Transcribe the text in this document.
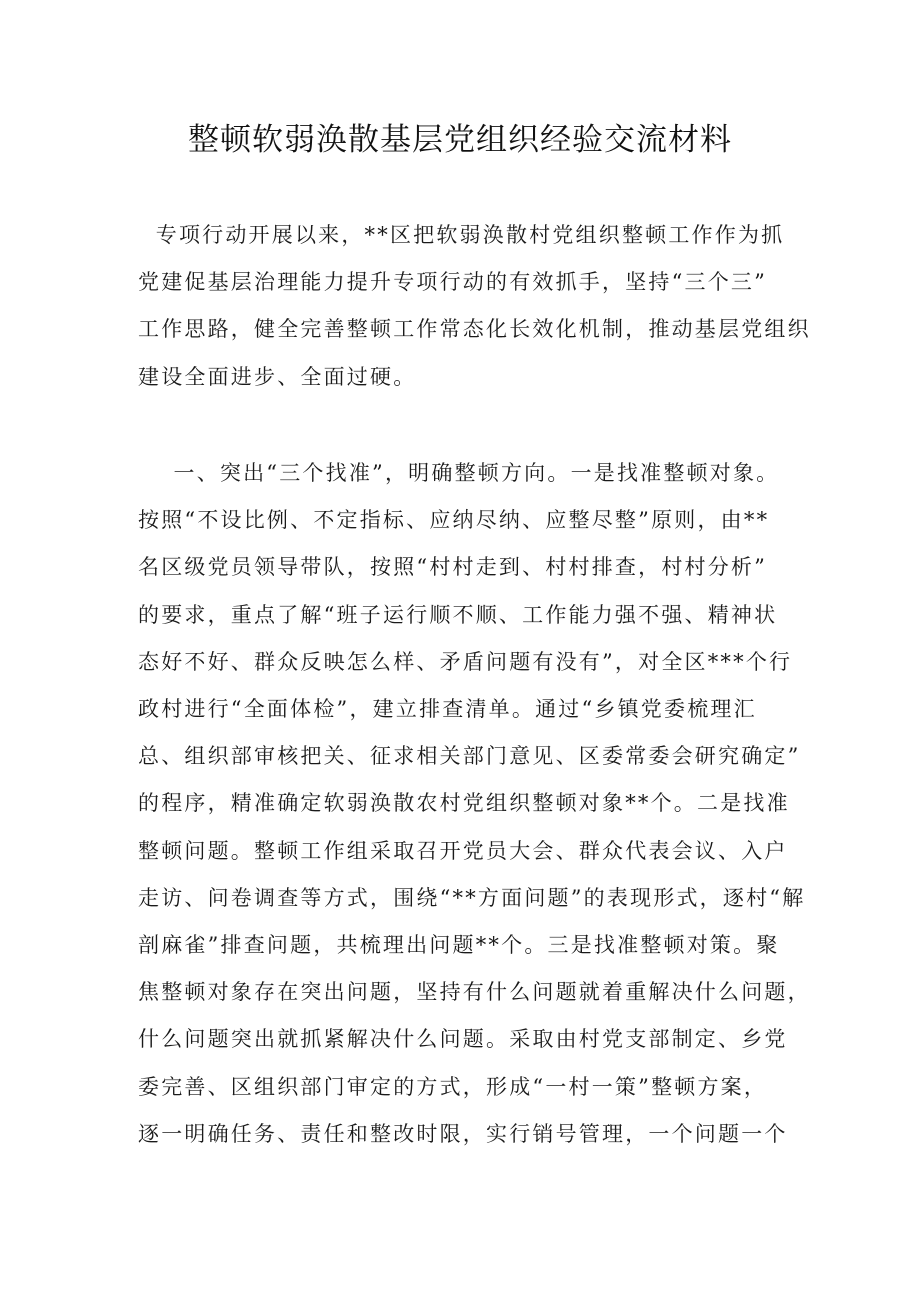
整顿软弱涣散基层党组织经验交流材料

专项行动开展以来，**区把软弱涣散村党组织整顿工作作为抓
党建促基层治理能力提升专项行动的有效抓手，坚持“三个三”
工作思路，健全完善整顿工作常态化长效化机制，推动基层党组织
建设全面进步、全面过硬。

一、突出“三个找准”，明确整顿方向。一是找准整顿对象。
按照“不设比例、不定指标、应纳尽纳、应整尽整”原则，由**
名区级党员领导带队，按照“村村走到、村村排查，村村分析”
的要求，重点了解“班子运行顺不顺、工作能力强不强、精神状
态好不好、群众反映怎么样、矛盾问题有没有”，对全区***个行
政村进行“全面体检”，建立排查清单。通过“乡镇党委梳理汇
总、组织部审核把关、征求相关部门意见、区委常委会研究确定”
的程序，精准确定软弱涣散农村党组织整顿对象**个。二是找准
整顿问题。整顿工作组采取召开党员大会、群众代表会议、入户
走访、问卷调查等方式，围绕“**方面问题”的表现形式，逐村“解
剖麻雀”排查问题，共梳理出问题**个。三是找准整顿对策。聚
焦整顿对象存在突出问题，坚持有什么问题就着重解决什么问题，
什么问题突出就抓紧解决什么问题。采取由村党支部制定、乡党
委完善、区组织部门审定的方式，形成“一村一策”整顿方案，
逐一明确任务、责任和整改时限，实行销号管理，一个问题一个
